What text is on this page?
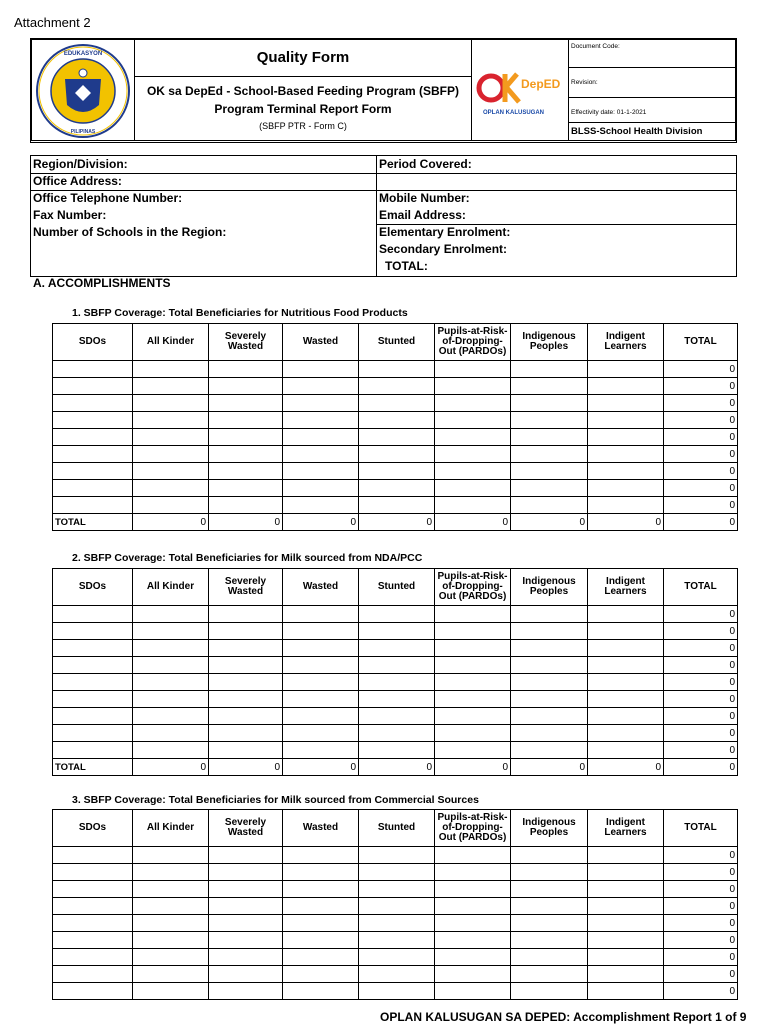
Attachment 2
EDUKASYON
PILIPINAS
Quality Form
OK sa DepEd - School-Based Feeding Program (SBFP)
Program Terminal Report Form
(SBFP PTR - Form C)
DepED
OPLAN KALUSUGAN
Document Code:
Revision:
Effectivity date: 01-1-2021
BLSS-School Health Division
Region/Division:	Period Covered:
Office Address:
Office Telephone Number:	Mobile Number:
Fax Number:	Email Address:
Number of Schools in the Region:	Elementary Enrolment:
Secondary Enrolment:
TOTAL:
A. ACCOMPLISHMENTS
1. SBFP Coverage: Total Beneficiaries for Nutritious Food Products
SDOs	All Kinder	Severely Wasted	Wasted	Stunted	Pupils-at-Risk-of-Dropping-Out (PARDOs)	Indigenous Peoples	Indigent Learners	TOTAL
								0
								0
								0
								0
								0
								0
								0
								0
								0
TOTAL	0	0	0	0	0	0	0	0
2. SBFP Coverage: Total Beneficiaries for Milk sourced from NDA/PCC
SDOs	All Kinder	Severely Wasted	Wasted	Stunted	Pupils-at-Risk-of-Dropping-Out (PARDOs)	Indigenous Peoples	Indigent Learners	TOTAL
								0
								0
								0
								0
								0
								0
								0
								0
								0
TOTAL	0	0	0	0	0	0	0	0
3. SBFP Coverage: Total Beneficiaries for Milk sourced from Commercial Sources
SDOs	All Kinder	Severely Wasted	Wasted	Stunted	Pupils-at-Risk-of-Dropping-Out (PARDOs)	Indigenous Peoples	Indigent Learners	TOTAL
								0
								0
								0
								0
								0
								0
								0
								0
								0
OPLAN KALUSUGAN SA DEPED: Accomplishment Report 1 of 9
